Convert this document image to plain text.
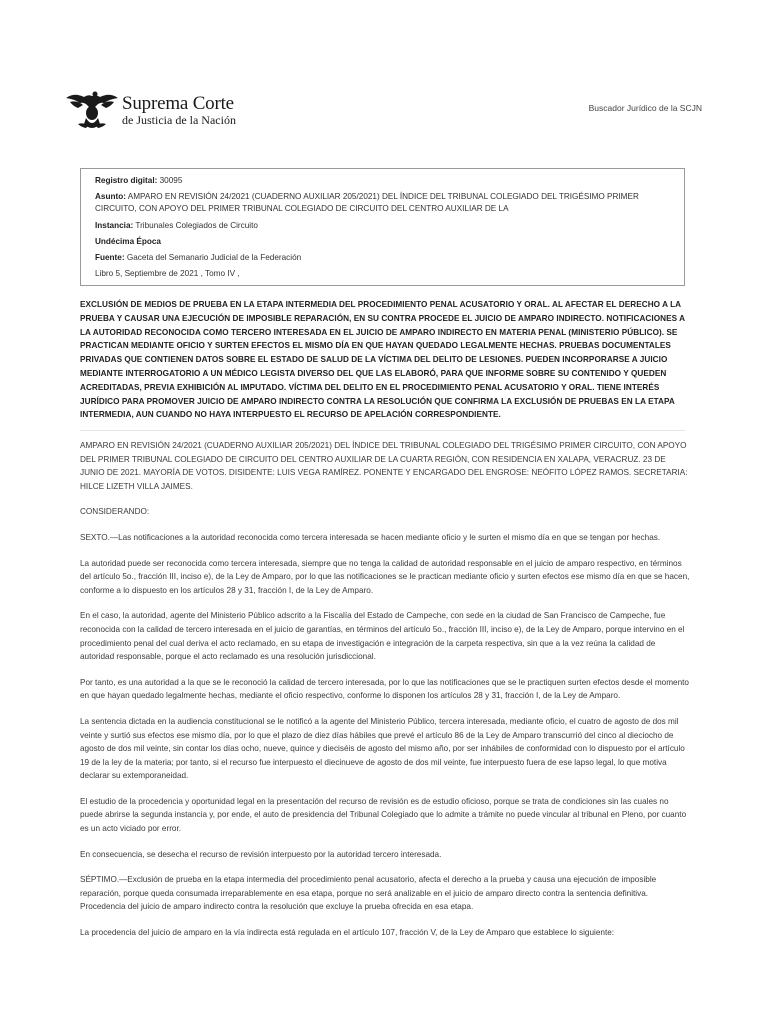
Suprema Corte
de Justicia de la Nación
Buscador Jurídico de la SCJN
Registro digital: 30095
Asunto: AMPARO EN REVISIÓN 24/2021 (CUADERNO AUXILIAR 205/2021) DEL ÍNDICE DEL TRIBUNAL COLEGIADO DEL TRIGÉSIMO PRIMER CIRCUITO, CON APOYO DEL PRIMER TRIBUNAL COLEGIADO DE CIRCUITO DEL CENTRO AUXILIAR DE LA
Instancia: Tribunales Colegiados de Circuito
Undécima Época
Fuente: Gaceta del Semanario Judicial de la Federación
Libro 5, Septiembre de 2021 , Tomo IV ,
EXCLUSIÓN DE MEDIOS DE PRUEBA EN LA ETAPA INTERMEDIA DEL PROCEDIMIENTO PENAL ACUSATORIO Y ORAL. AL AFECTAR EL DERECHO A LA PRUEBA Y CAUSAR UNA EJECUCIÓN DE IMPOSIBLE REPARACIÓN, EN SU CONTRA PROCEDE EL JUICIO DE AMPARO INDIRECTO. NOTIFICACIONES A LA AUTORIDAD RECONOCIDA COMO TERCERO INTERESADA EN EL JUICIO DE AMPARO INDIRECTO EN MATERIA PENAL (MINISTERIO PÚBLICO). SE PRACTICAN MEDIANTE OFICIO Y SURTEN EFECTOS EL MISMO DÍA EN QUE HAYAN QUEDADO LEGALMENTE HECHAS. PRUEBAS DOCUMENTALES PRIVADAS QUE CONTIENEN DATOS SOBRE EL ESTADO DE SALUD DE LA VÍCTIMA DEL DELITO DE LESIONES. PUEDEN INCORPORARSE A JUICIO MEDIANTE INTERROGATORIO A UN MÉDICO LEGISTA DIVERSO DEL QUE LAS ELABORÓ, PARA QUE INFORME SOBRE SU CONTENIDO Y QUEDEN ACREDITADAS, PREVIA EXHIBICIÓN AL IMPUTADO. VÍCTIMA DEL DELITO EN EL PROCEDIMIENTO PENAL ACUSATORIO Y ORAL. TIENE INTERÉS JURÍDICO PARA PROMOVER JUICIO DE AMPARO INDIRECTO CONTRA LA RESOLUCIÓN QUE CONFIRMA LA EXCLUSIÓN DE PRUEBAS EN LA ETAPA INTERMEDIA, AUN CUANDO NO HAYA INTERPUESTO EL RECURSO DE APELACIÓN CORRESPONDIENTE.

AMPARO EN REVISIÓN 24/2021 (CUADERNO AUXILIAR 205/2021) DEL ÍNDICE DEL TRIBUNAL COLEGIADO DEL TRIGÉSIMO PRIMER CIRCUITO, CON APOYO DEL PRIMER TRIBUNAL COLEGIADO DE CIRCUITO DEL CENTRO AUXILIAR DE LA CUARTA REGIÓN, CON RESIDENCIA EN XALAPA, VERACRUZ. 23 DE JUNIO DE 2021. MAYORÍA DE VOTOS. DISIDENTE: LUIS VEGA RAMÍREZ. PONENTE Y ENCARGADO DEL ENGROSE: NEÓFITO LÓPEZ RAMOS. SECRETARIA: HILCE LIZETH VILLA JAIMES.

CONSIDERANDO:

SEXTO.—Las notificaciones a la autoridad reconocida como tercera interesada se hacen mediante oficio y le surten el mismo día en que se tengan por hechas.

La autoridad puede ser reconocida como tercera interesada, siempre que no tenga la calidad de autoridad responsable en el juicio de amparo respectivo, en términos del artículo 5o., fracción III, inciso e), de la Ley de Amparo, por lo que las notificaciones se le practican mediante oficio y surten efectos ese mismo día en que se hacen, conforme a lo dispuesto en los artículos 28 y 31, fracción I, de la Ley de Amparo.

En el caso, la autoridad, agente del Ministerio Público adscrito a la Fiscalía del Estado de Campeche, con sede en la ciudad de San Francisco de Campeche, fue reconocida con la calidad de tercero interesada en el juicio de garantías, en términos del artículo 5o., fracción III, inciso e), de la Ley de Amparo, porque intervino en el procedimiento penal del cual deriva el acto reclamado, en su etapa de investigación e integración de la carpeta respectiva, sin que a la vez reúna la calidad de autoridad responsable, porque el acto reclamado es una resolución jurisdiccional.

Por tanto, es una autoridad a la que se le reconoció la calidad de tercero interesada, por lo que las notificaciones que se le practiquen surten efectos desde el momento en que hayan quedado legalmente hechas, mediante el oficio respectivo, conforme lo disponen los artículos 28 y 31, fracción I, de la Ley de Amparo.

La sentencia dictada en la audiencia constitucional se le notificó a la agente del Ministerio Público, tercera interesada, mediante oficio, el cuatro de agosto de dos mil veinte y surtió sus efectos ese mismo día, por lo que el plazo de diez días hábiles que prevé el artículo 86 de la Ley de Amparo transcurrió del cinco al dieciocho de agosto de dos mil veinte, sin contar los días ocho, nueve, quince y dieciséis de agosto del mismo año, por ser inhábiles de conformidad con lo dispuesto por el artículo 19 de la ley de la materia; por tanto, si el recurso fue interpuesto el diecinueve de agosto de dos mil veinte, fue interpuesto fuera de ese lapso legal, lo que motiva declarar su extemporaneidad.

El estudio de la procedencia y oportunidad legal en la presentación del recurso de revisión es de estudio oficioso, porque se trata de condiciones sin las cuales no puede abrirse la segunda instancia y, por ende, el auto de presidencia del Tribunal Colegiado que lo admite a trámite no puede vincular al tribunal en Pleno, por cuanto es un acto viciado por error.

En consecuencia, se desecha el recurso de revisión interpuesto por la autoridad tercero interesada.

SÉPTIMO.—Exclusión de prueba en la etapa intermedia del procedimiento penal acusatorio, afecta el derecho a la prueba y causa una ejecución de imposible reparación, porque queda consumada irreparablemente en esa etapa, porque no será analizable en el juicio de amparo directo contra la sentencia definitiva. Procedencia del juicio de amparo indirecto contra la resolución que excluye la prueba ofrecida en esa etapa.

La procedencia del juicio de amparo en la vía indirecta está regulada en el artículo 107, fracción V, de la Ley de Amparo que establece lo siguiente:
